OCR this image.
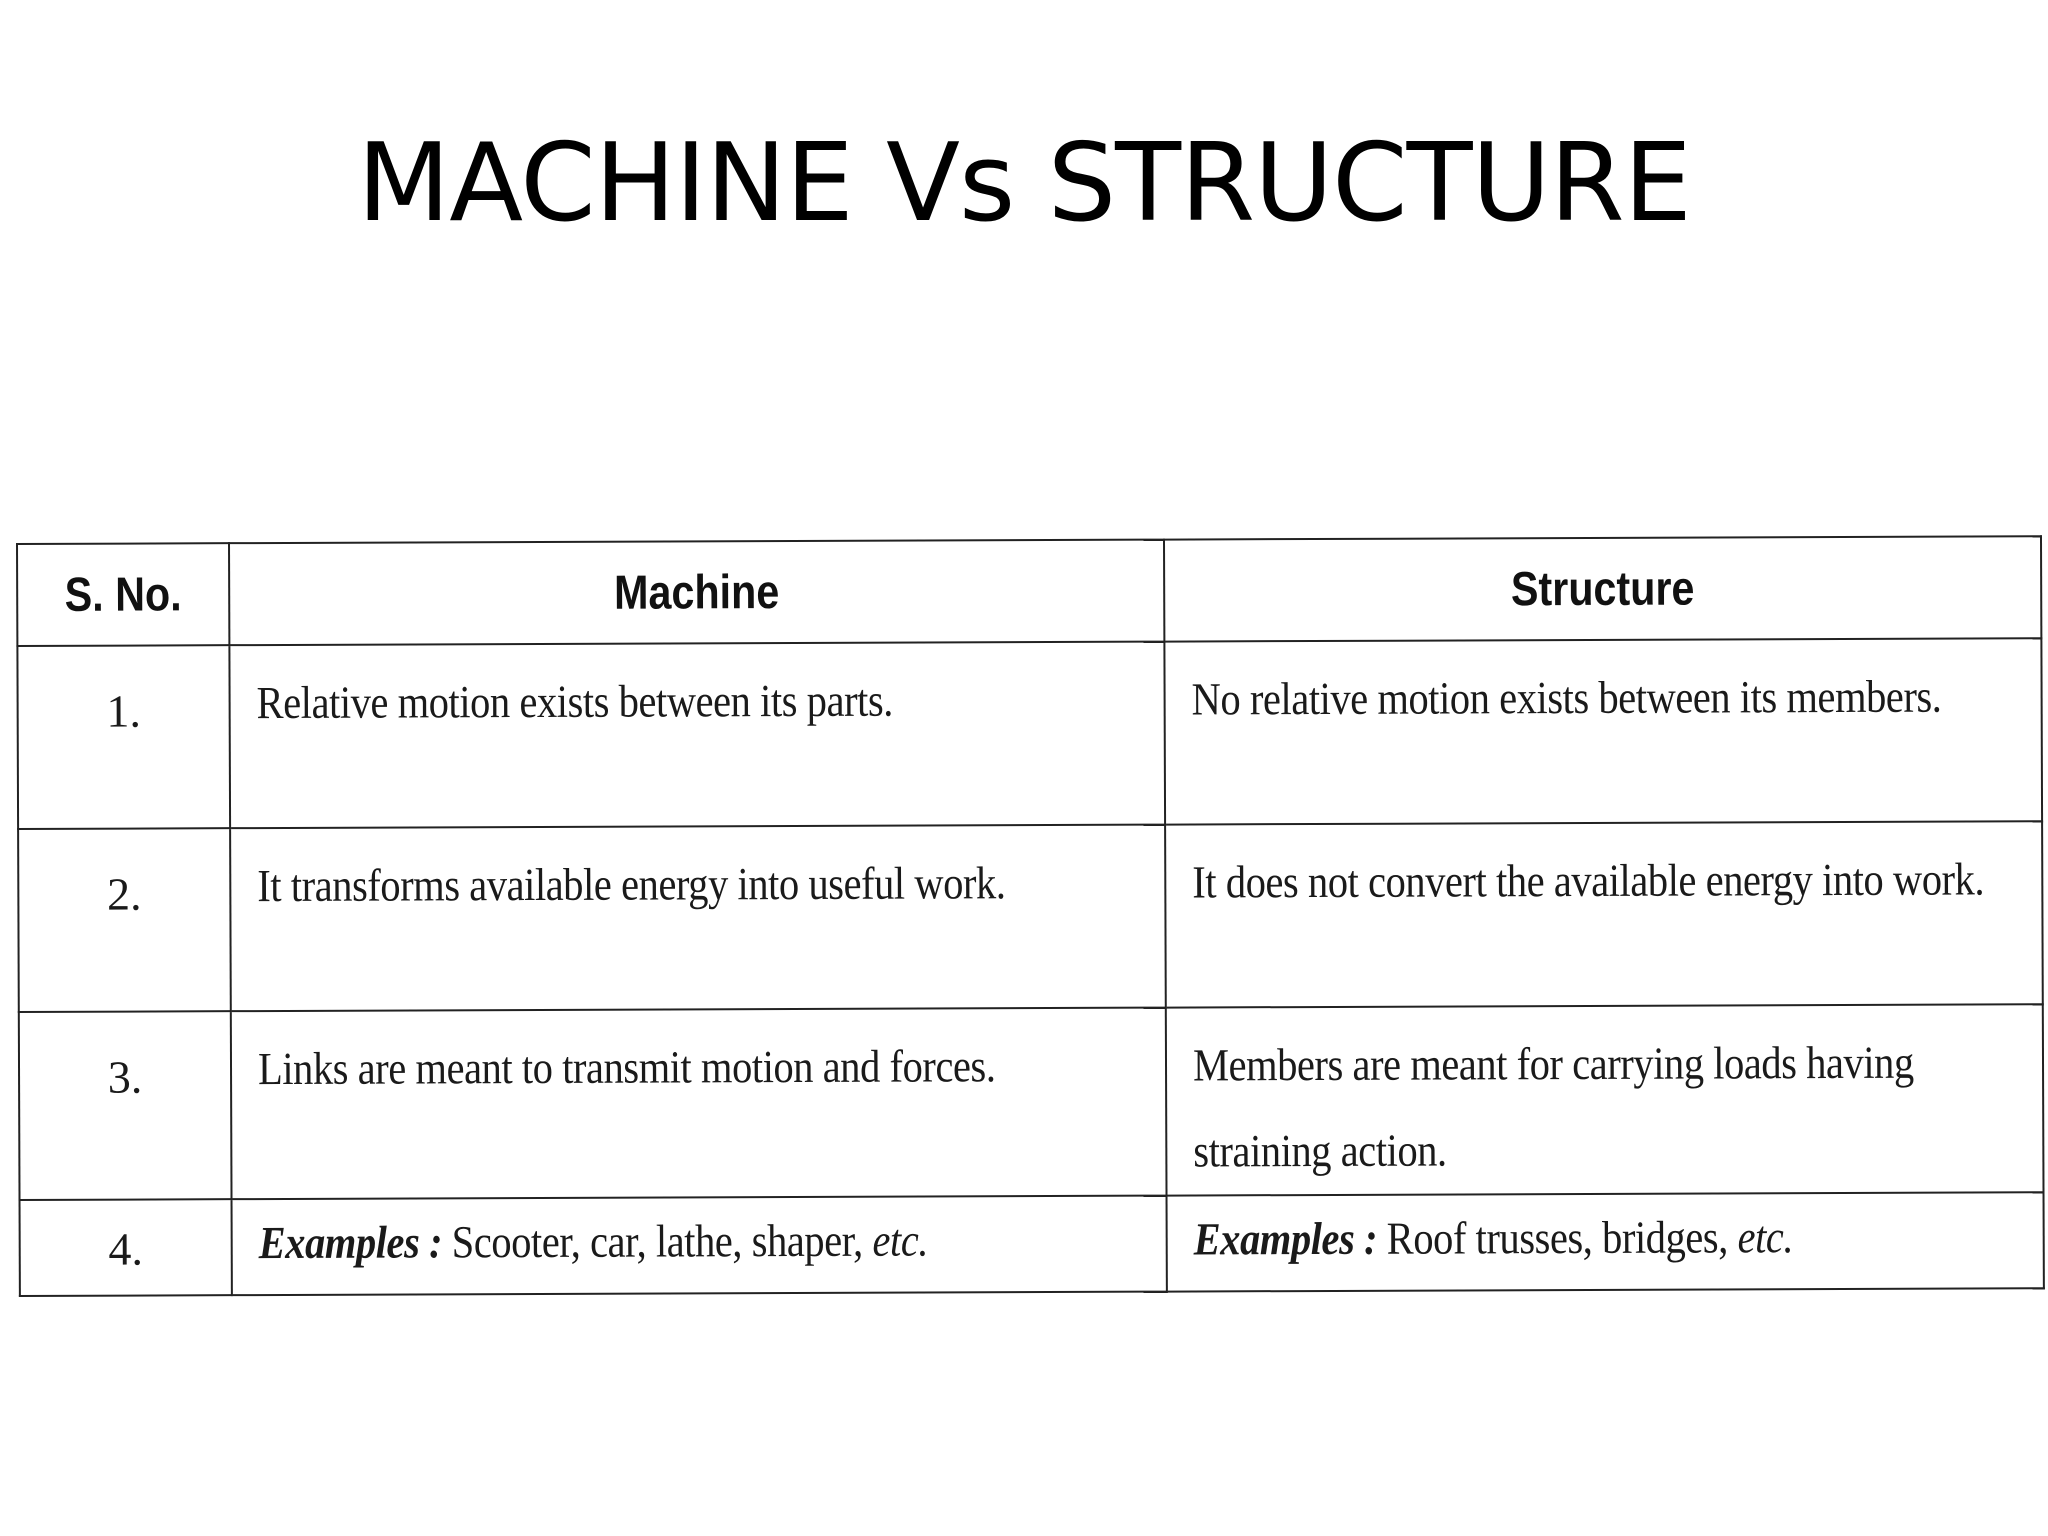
MACHINE Vs STRUCTURE
S. No.	Machine	Structure
1.	Relative motion exists between its parts.	No relative motion exists between its members.

2.	It transforms available energy into useful work.	It does not convert the available energy into work.

3.	Links are meant to transmit motion and forces.	Members are meant for carrying loads having straining action.

4.	Examples : Scooter, car, lathe, shaper, etc.	Examples : Roof trusses, bridges, etc.
